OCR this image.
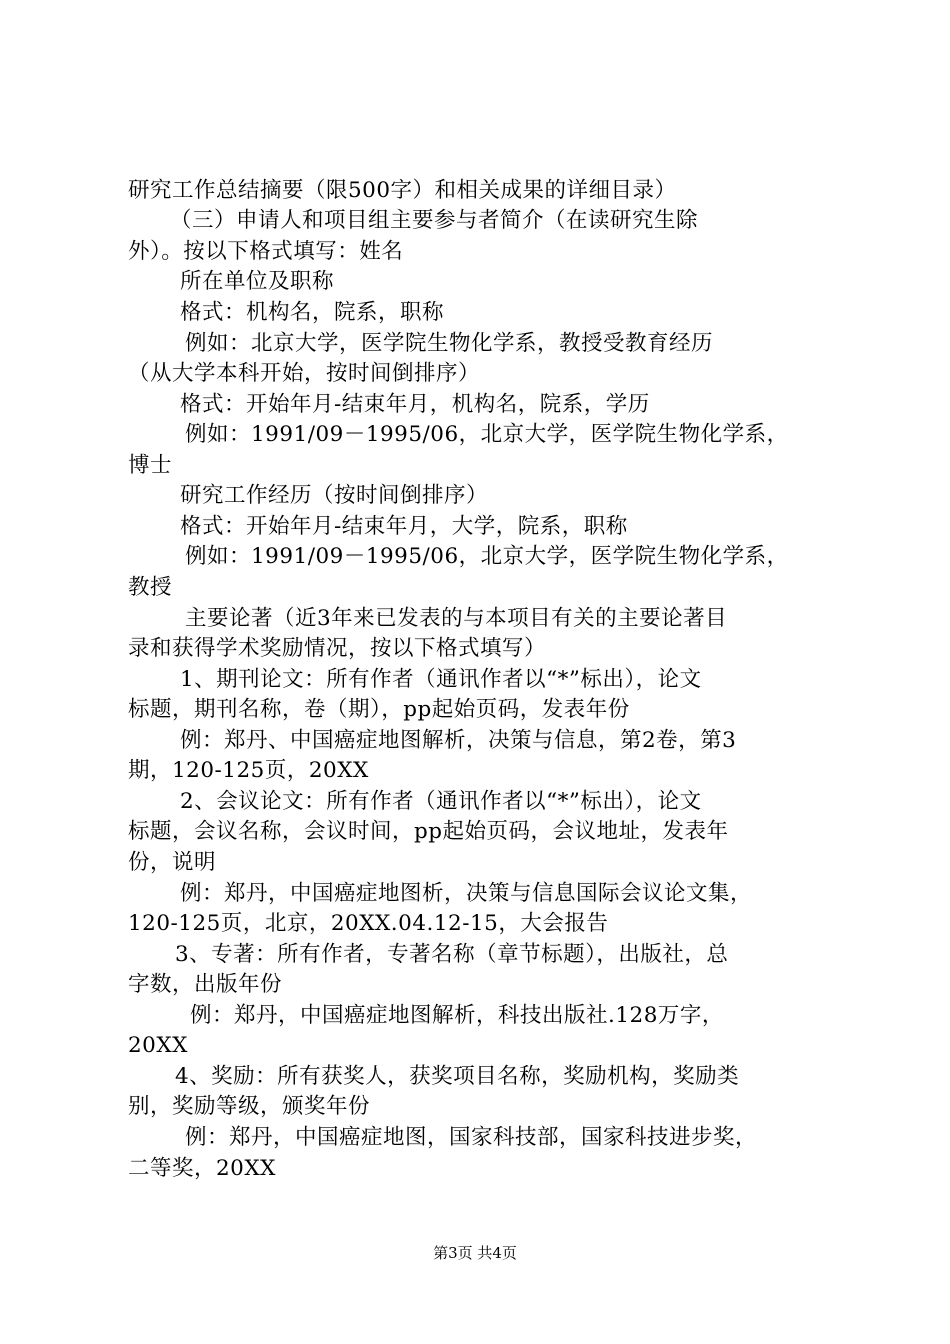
研究工作总结摘要（限500字）和相关成果的详细目录）
（三）申请人和项目组主要参与者简介（在读研究生除
外）。按以下格式填写：姓名
所在单位及职称
格式：机构名，院系，职称
例如：北京大学，医学院生物化学系，教授受教育经历
（从大学本科开始，按时间倒排序）
格式：开始年月-结束年月，机构名，院系，学历
例如：1991/09－1995/06，北京大学，医学院生物化学系，
博士
研究工作经历（按时间倒排序）
格式：开始年月-结束年月，大学，院系，职称
例如：1991/09－1995/06，北京大学，医学院生物化学系，
教授
主要论著（近3年来已发表的与本项目有关的主要论著目
录和获得学术奖励情况，按以下格式填写）
1、期刊论文：所有作者（通讯作者以“*”标出），论文
标题，期刊名称，卷（期），pp起始页码，发表年份
例：郑丹、中国癌症地图解析，决策与信息，第2卷，第3
期，120-125页，20XX
2、会议论文：所有作者（通讯作者以“*”标出），论文
标题，会议名称，会议时间，pp起始页码，会议地址，发表年
份，说明
例：郑丹，中国癌症地图析，决策与信息国际会议论文集，
120-125页，北京，20XX.04.12-15，大会报告
3、专著：所有作者，专著名称（章节标题），出版社，总
字数，出版年份
例：郑丹，中国癌症地图解析，科技出版社.128万字，
20XX
4、奖励：所有获奖人，获奖项目名称，奖励机构，奖励类
别，奖励等级，颁奖年份
例：郑丹，中国癌症地图，国家科技部，国家科技进步奖，
二等奖，20XX
第3页 共4页
